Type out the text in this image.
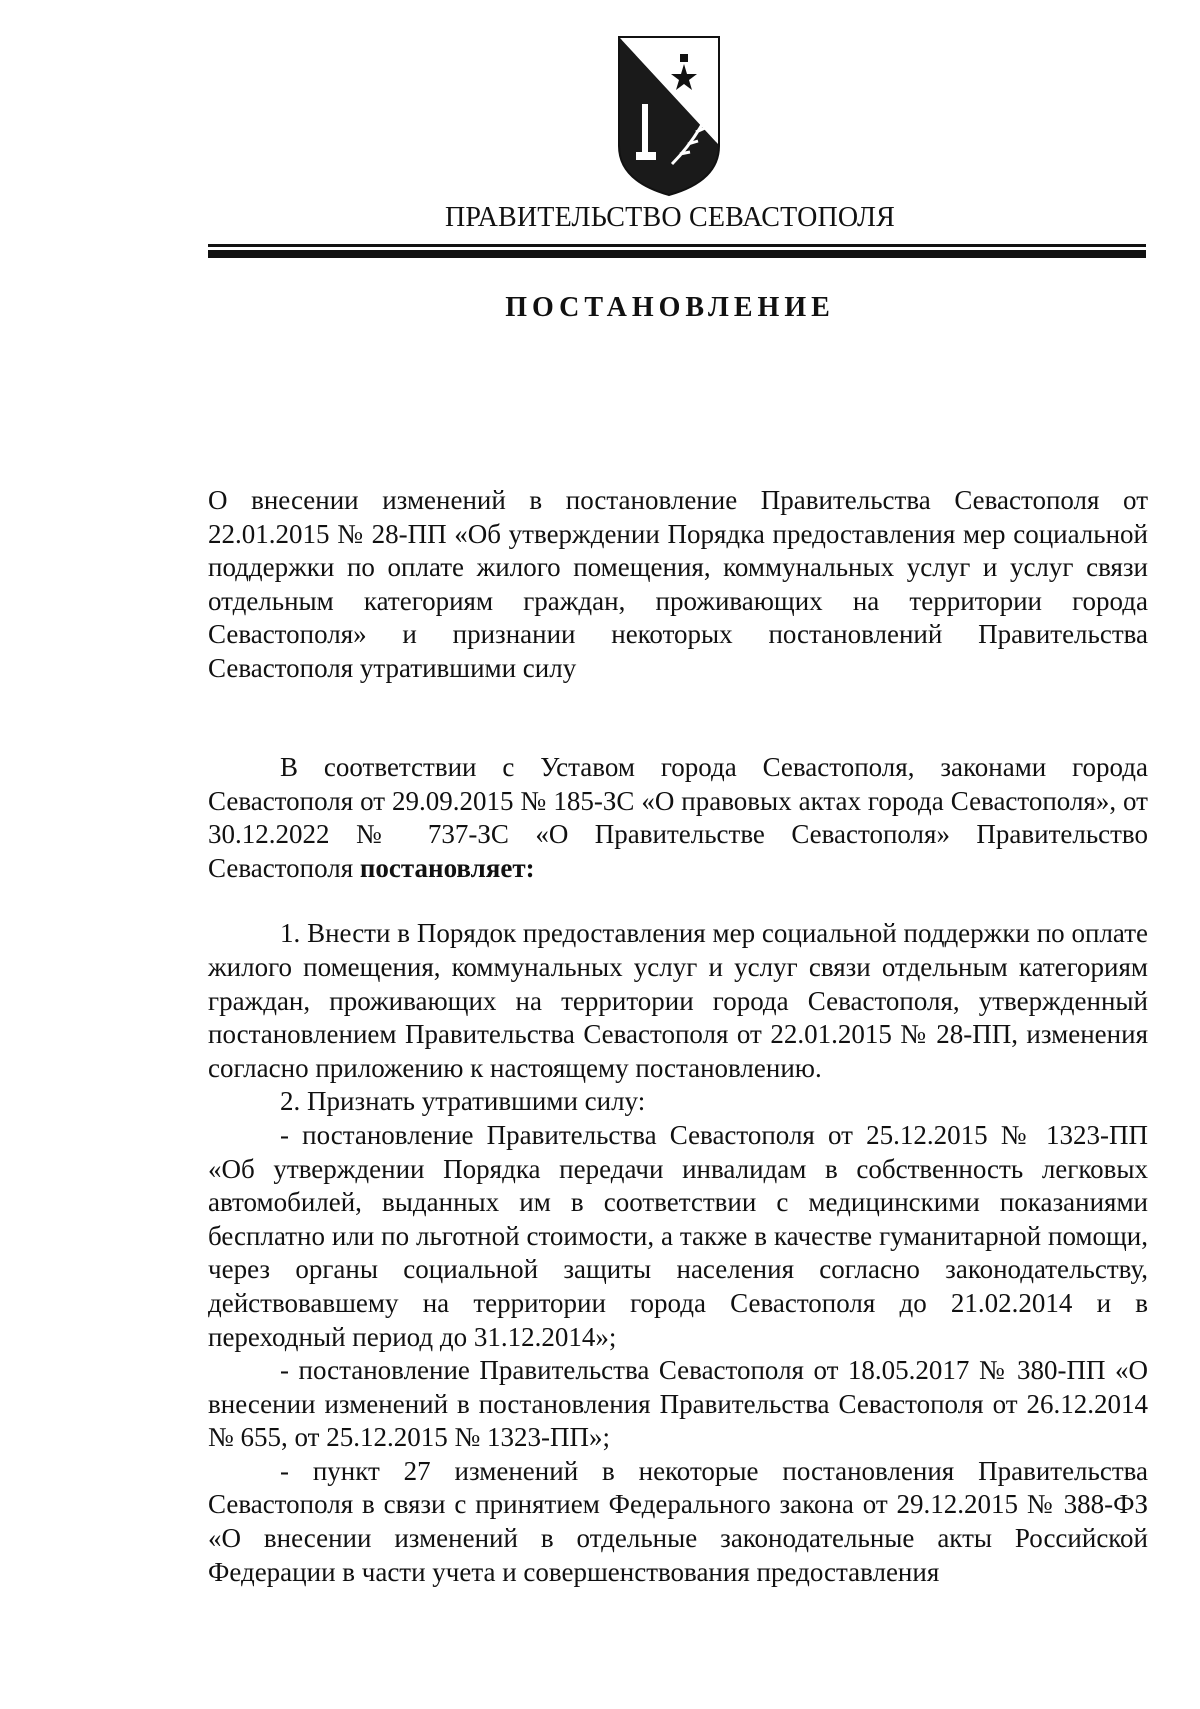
ПРАВИТЕЛЬСТВО СЕВАСТОПОЛЯ
ПОСТАНОВЛЕНИЕ
О внесении изменений в постановление Правительства Севастополя от 22.01.2015 № 28-ПП «Об утверждении Порядка предоставления мер социальной поддержки по оплате жилого помещения, коммунальных услуг и услуг связи отдельным категориям граждан, проживающих на территории города Севастополя» и признании некоторых постановлений Правительства Севастополя утратившими силу

В соответствии с Уставом города Севастополя, законами города Севастополя от 29.09.2015 № 185-ЗС «О правовых актах города Севастополя», от 30.12.2022 № 737-ЗС «О Правительстве Севастополя» Правительство Севастополя постановляет:

1. Внести в Порядок предоставления мер социальной поддержки по оплате жилого помещения, коммунальных услуг и услуг связи отдельным категориям граждан, проживающих на территории города Севастополя, утвержденный постановлением Правительства Севастополя от 22.01.2015 № 28-ПП, изменения согласно приложению к настоящему постановлению.

2. Признать утратившими силу:

- постановление Правительства Севастополя от 25.12.2015 № 1323-ПП «Об утверждении Порядка передачи инвалидам в собственность легковых автомобилей, выданных им в соответствии с медицинскими показаниями бесплатно или по льготной стоимости, а также в качестве гуманитарной помощи, через органы социальной защиты населения согласно законодательству, действовавшему на территории города Севастополя до 21.02.2014 и в переходный период до 31.12.2014»;

- постановление Правительства Севастополя от 18.05.2017 № 380-ПП «О внесении изменений в постановления Правительства Севастополя от 26.12.2014 № 655, от 25.12.2015 № 1323-ПП»;

- пункт 27 изменений в некоторые постановления Правительства Севастополя в связи с принятием Федерального закона от 29.12.2015 № 388-ФЗ «О внесении изменений в отдельные законодательные акты Российской Федерации в части учета и совершенствования предоставления
